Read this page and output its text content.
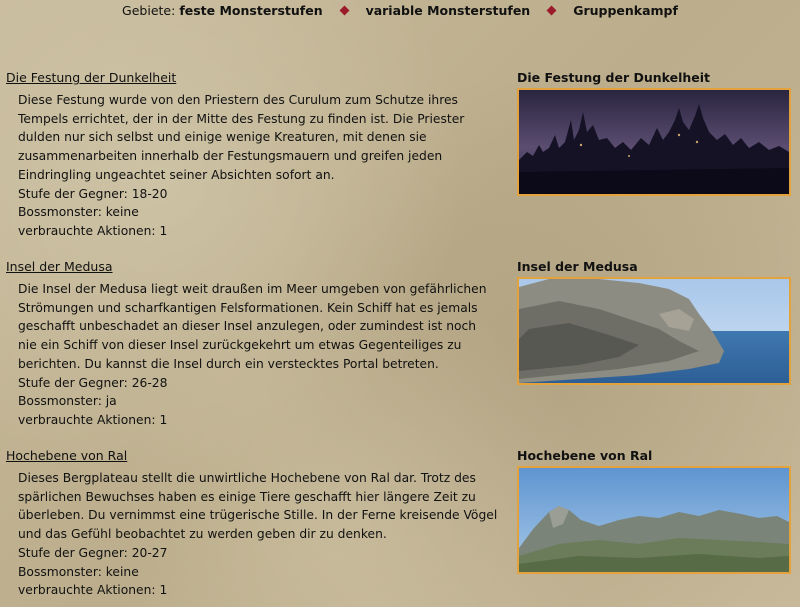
Gebiete: feste Monsterstufen	variable Monsterstufen	Gruppenkampf
Die Festung der Dunkelheit

Diese Festung wurde von den Priestern des Curulum zum Schutze ihres Tempels errichtet, der in der Mitte des Festung zu finden ist. Die Priester dulden nur sich selbst und einige wenige Kreaturen, mit denen sie zusammenarbeiten innerhalb der Festungsmauern und greifen jeden Eindringling ungeachtet seiner Absichten sofort an.

Stufe der Gegner: 18-20

Bossmonster: keine

verbrauchte Aktionen: 1

Die Festung der Dunkelheit
Insel der Medusa

Die Insel der Medusa liegt weit draußen im Meer umgeben von gefährlichen Strömungen und scharfkantigen Felsformationen. Kein Schiff hat es jemals geschafft unbeschadet an dieser Insel anzulegen, oder zumindest ist noch nie ein Schiff von dieser Insel zurückgekehrt um etwas Gegenteiliges zu berichten. Du kannst die Insel durch ein verstecktes Portal betreten.

Stufe der Gegner: 26-28

Bossmonster: ja

verbrauchte Aktionen: 1

Insel der Medusa
Hochebene von Ral

Dieses Bergplateau stellt die unwirtliche Hochebene von Ral dar. Trotz des spärlichen Bewuchses haben es einige Tiere geschafft hier längere Zeit zu überleben. Du vernimmst eine trügerische Stille. In der Ferne kreisende Vögel und das Gefühl beobachtet zu werden geben dir zu denken.

Stufe der Gegner: 20-27

Bossmonster: keine

verbrauchte Aktionen: 1

Hochebene von Ral
